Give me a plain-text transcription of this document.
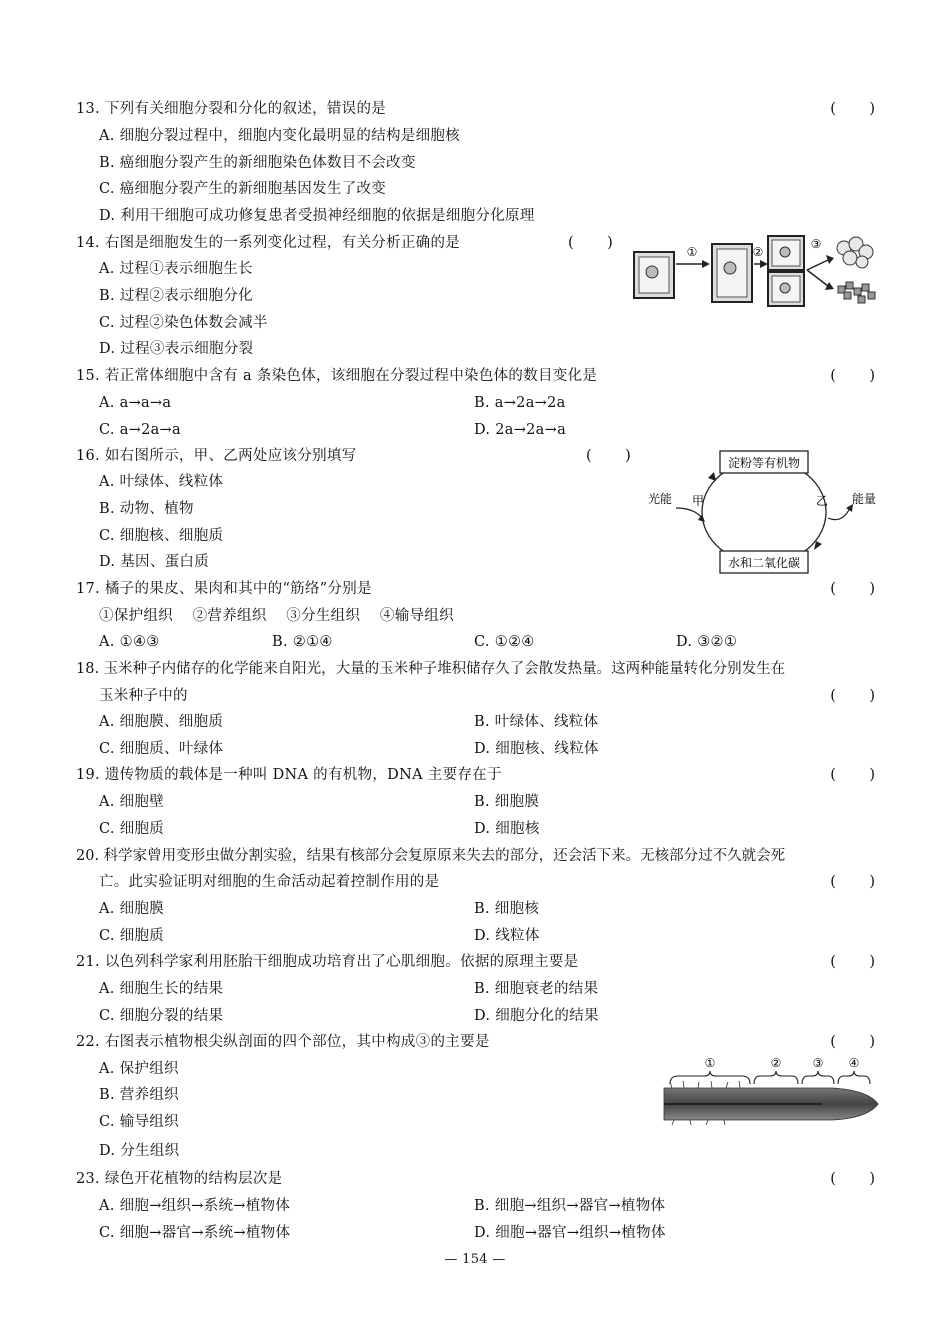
13. 下列有关细胞分裂和分化的叙述，错误的是	(    )
A. 细胞分裂过程中，细胞内变化最明显的结构是细胞核
B. 癌细胞分裂产生的新细胞染色体数目不会改变
C. 癌细胞分裂产生的新细胞基因发生了改变
D. 利用干细胞可成功修复患者受损神经细胞的依据是细胞分化原理
14. 右图是细胞发生的一系列变化过程，有关分析正确的是	(    )
A. 过程①表示细胞生长
B. 过程②表示细胞分化
C. 过程②染色体数会减半
D. 过程③表示细胞分裂
①	②
③
15. 若正常体细胞中含有 a 条染色体，该细胞在分裂过程中染色体的数目变化是	(    )
A. a→a→a	B. a→2a→2a
C. a→2a→a	D. 2a→2a→a
16. 如右图所示，甲、乙两处应该分别填写	(    )
A. 叶绿体、线粒体
B. 动物、植物
C. 细胞核、细胞质
D. 基因、蛋白质
淀粉等有机物
水和二氧化碳
甲	乙
光能	能量
17. 橘子的果皮、果肉和其中的“筋络”分别是	(    )
①保护组织    ②营养组织    ③分生组织    ④输导组织
A. ①④③	B. ②①④	C. ①②④	D. ③②①
18. 玉米种子内储存的化学能来自阳光，大量的玉米种子堆积储存久了会散发热量。这两种能量转化分别发生在
玉米种子中的	(    )
A. 细胞膜、细胞质	B. 叶绿体、线粒体
C. 细胞质、叶绿体	D. 细胞核、线粒体
19. 遗传物质的载体是一种叫 DNA 的有机物，DNA 主要存在于	(    )
A. 细胞壁	B. 细胞膜
C. 细胞质	D. 细胞核
20. 科学家曾用变形虫做分割实验，结果有核部分会复原原来失去的部分，还会活下来。无核部分过不久就会死
亡。此实验证明对细胞的生命活动起着控制作用的是	(    )
A. 细胞膜	B. 细胞核
C. 细胞质	D. 线粒体
21. 以色列科学家利用胚胎干细胞成功培育出了心肌细胞。依据的原理主要是	(    )
A. 细胞生长的结果	B. 细胞衰老的结果
C. 细胞分裂的结果	D. 细胞分化的结果
22. 右图表示植物根尖纵剖面的四个部位，其中构成③的主要是	(    )
A. 保护组织
B. 营养组织
C. 输导组织
D. 分生组织
①	②	③ ④
23. 绿色开花植物的结构层次是	(    )
A. 细胞→组织→系统→植物体	B. 细胞→组织→器官→植物体
C. 细胞→器官→系统→植物体	D. 细胞→器官→组织→植物体
— 154 —
